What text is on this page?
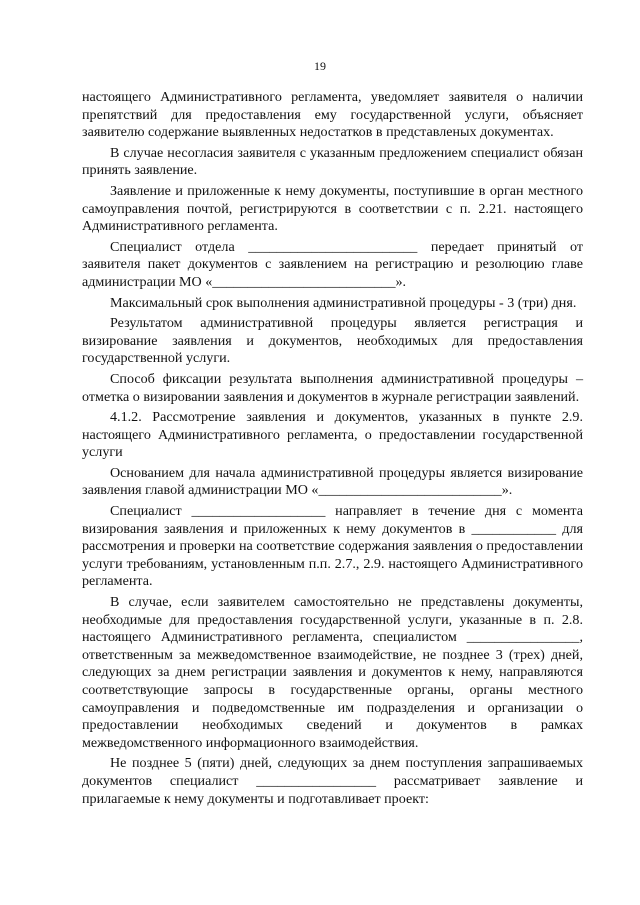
19

настоящего Административного регламента, уведомляет заявителя о наличии препятствий для предоставления ему государственной услуги, объясняет заявителю содержание выявленных недостатков в представленых документах.

В случае несогласия заявителя с указанным предложением специалист обязан принять заявление.

Заявление и приложенные к нему документы, поступившие в орган местного самоуправления почтой, регистрируются в соответствии с п. 2.21. настоящего Административного регламента.

Специалист отдела ________________________ передает принятый от заявителя пакет документов с заявлением на регистрацию и резолюцию главе администрации МО «__________________________».

Максимальный срок выполнения административной процедуры - 3 (три) дня.

Результатом административной процедуры является регистрация и визирование заявления и документов, необходимых для предоставления государственной услуги.

Способ фиксации результата выполнения административной процедуры – отметка о визировании заявления и документов в журнале регистрации заявлений.

4.1.2. Рассмотрение заявления и документов, указанных в пункте 2.9. настоящего Административного регламента, о предоставлении государственной услуги

Основанием для начала административной процедуры является визирование заявления главой администрации МО «__________________________».

Специалист ___________________ направляет в течение дня с момента визирования заявления и приложенных к нему документов в ____________ для рассмотрения и проверки на соответствие содержания заявления о предоставлении услуги требованиям, установленным п.п. 2.7., 2.9. настоящего Административного регламента.

В случае, если заявителем самостоятельно не представлены документы, необходимые для предоставления государственной услуги, указанные в п. 2.8. настоящего Административного регламента, специалистом ________________, ответственным за межведомственное взаимодействие, не позднее 3 (трех) дней, следующих за днем регистрации заявления и документов к нему, направляются соответствующие запросы в государственные органы, органы местного самоуправления и подведомственные им подразделения и организации о предоставлении необходимых сведений и документов в рамках межведомственного информационного взаимодействия.

Не позднее 5 (пяти) дней, следующих за днем поступления запрашиваемых документов специалист _________________ рассматривает заявление и прилагаемые к нему документы и подготавливает проект:
